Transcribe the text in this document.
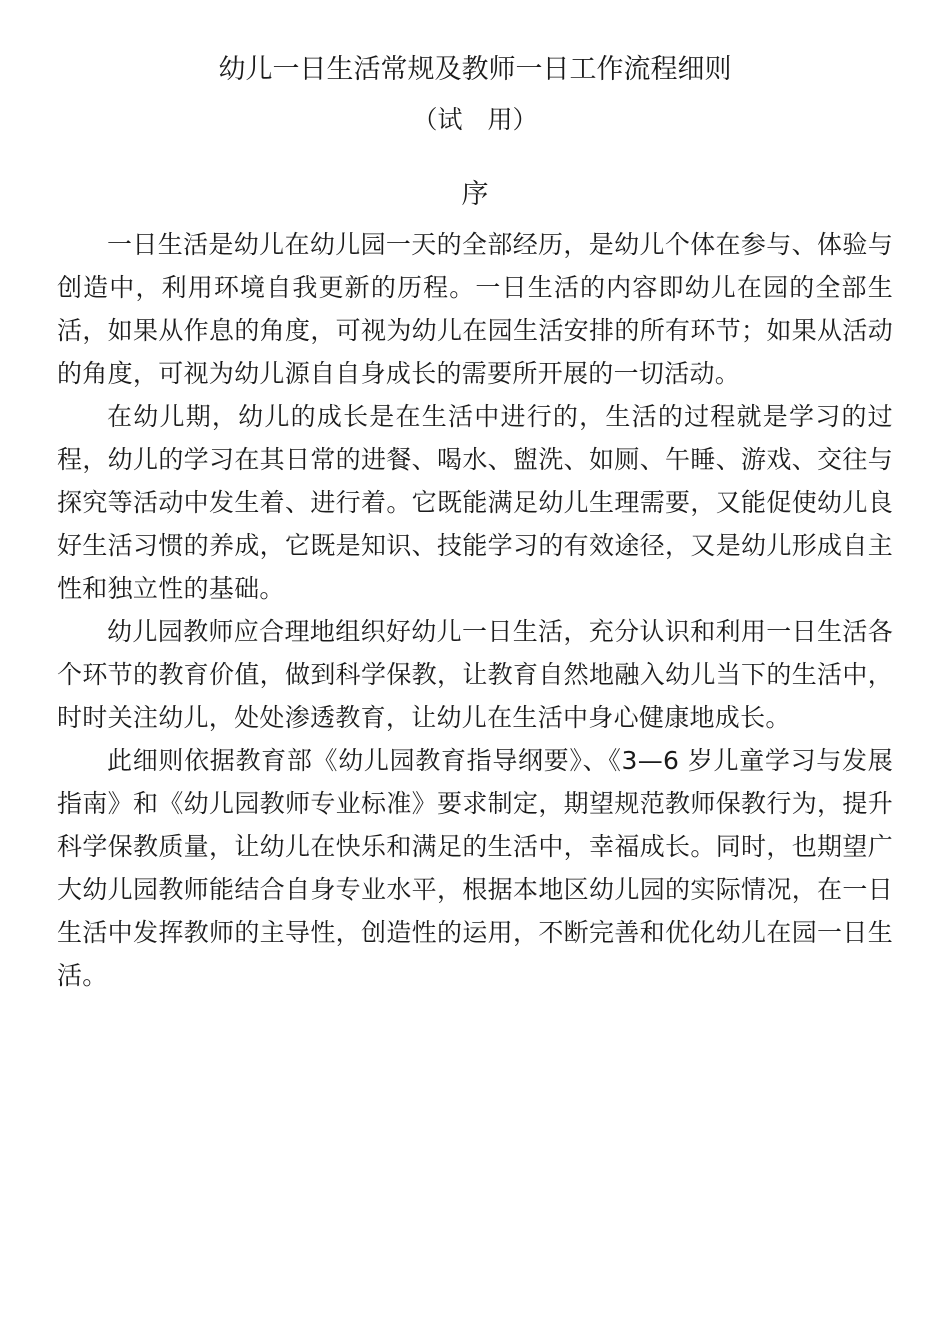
幼儿一日生活常规及教师一日工作流程细则
（试　用）
序

一日生活是幼儿在幼儿园一天的全部经历，是幼儿个体在参与、体验与创造中，利用环境自我更新的历程。一日生活的内容即幼儿在园的全部生活，如果从作息的角度，可视为幼儿在园生活安排的所有环节；如果从活动的角度，可视为幼儿源自自身成长的需要所开展的一切活动。

在幼儿期，幼儿的成长是在生活中进行的，生活的过程就是学习的过程，幼儿的学习在其日常的进餐、喝水、盥洗、如厕、午睡、游戏、交往与探究等活动中发生着、进行着。它既能满足幼儿生理需要，又能促使幼儿良好生活习惯的养成，它既是知识、技能学习的有效途径，又是幼儿形成自主性和独立性的基础。

幼儿园教师应合理地组织好幼儿一日生活，充分认识和利用一日生活各个环节的教育价值，做到科学保教，让教育自然地融入幼儿当下的生活中，时时关注幼儿，处处渗透教育，让幼儿在生活中身心健康地成长。

此细则依据教育部《幼儿园教育指导纲要》、《3—6 岁儿童学习与发展指南》和《幼儿园教师专业标准》要求制定，期望规范教师保教行为，提升科学保教质量，让幼儿在快乐和满足的生活中，幸福成长。同时，也期望广大幼儿园教师能结合自身专业水平，根据本地区幼儿园的实际情况，在一日生活中发挥教师的主导性，创造性的运用，不断完善和优化幼儿在园一日生活。
